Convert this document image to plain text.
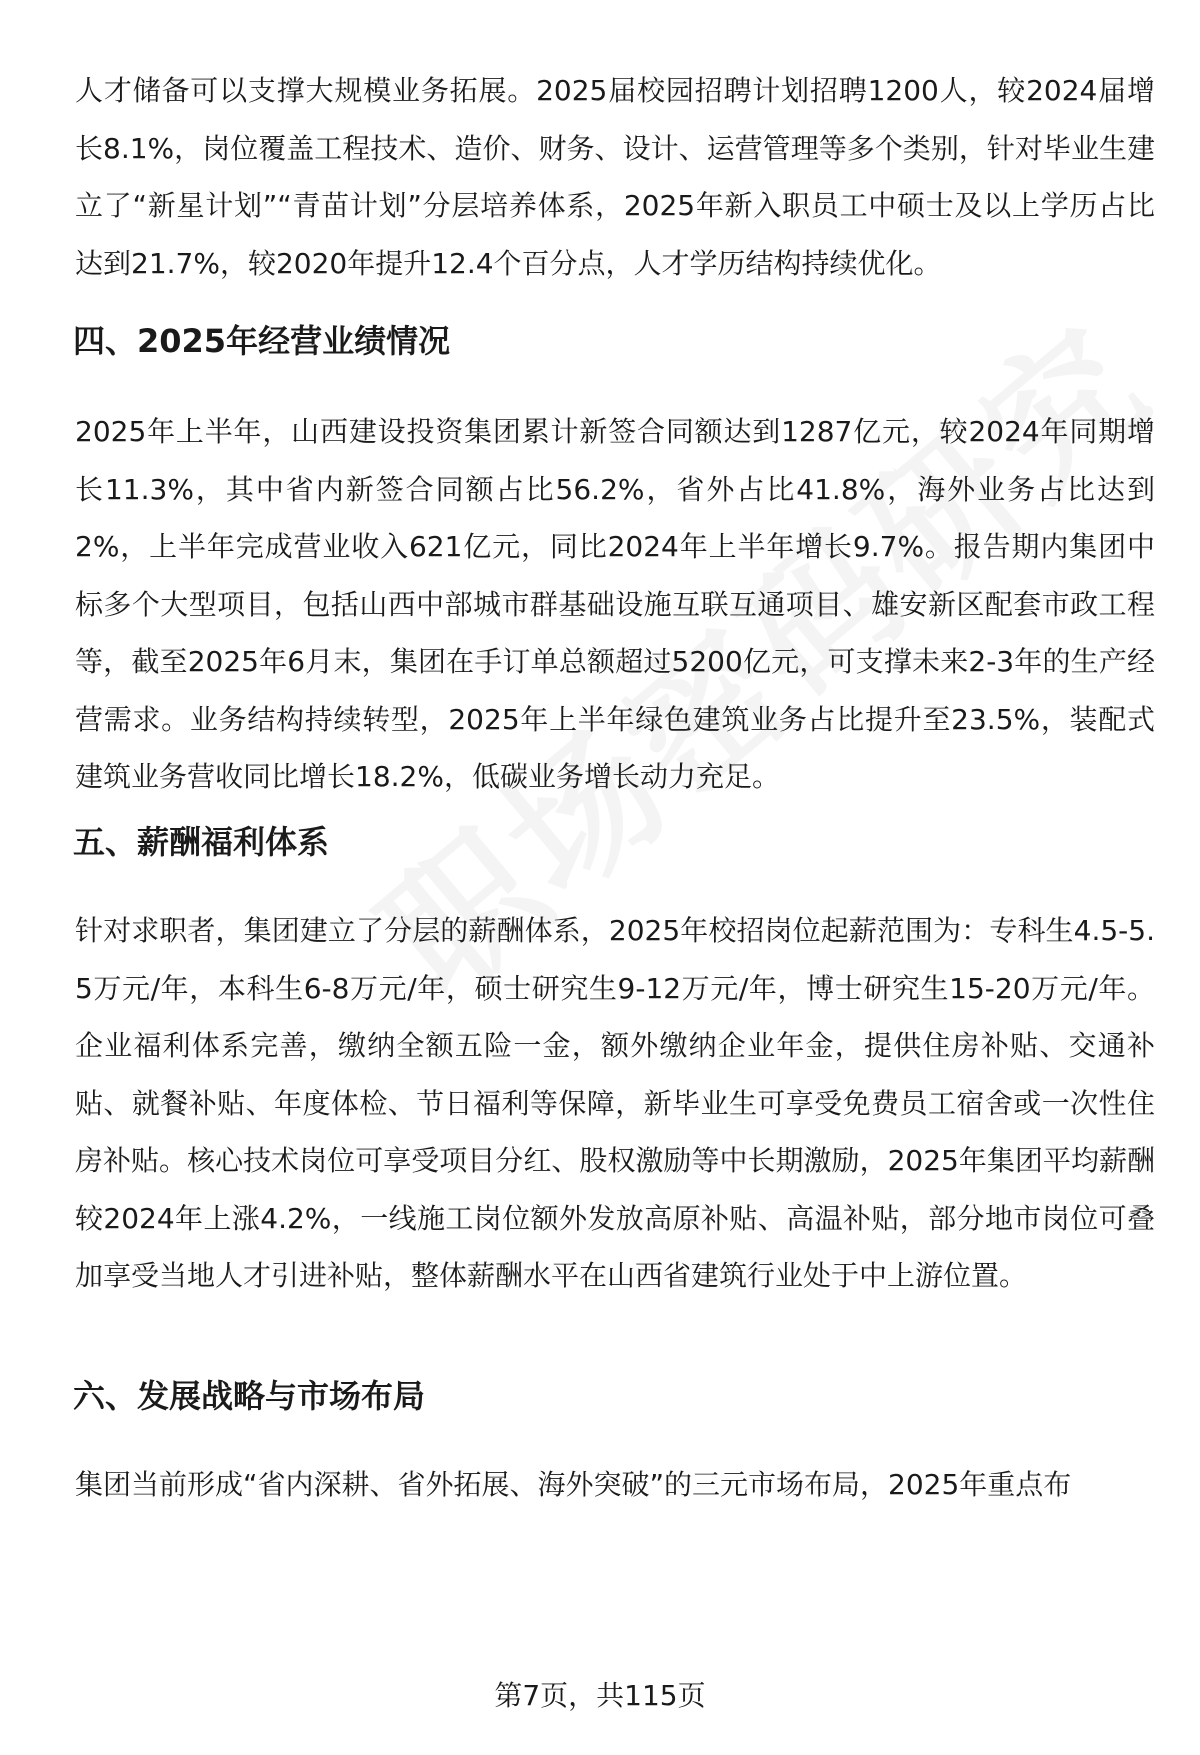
人才储备可以支撑大规模业务拓展。2025届校园招聘计划招聘1200人，较2024届增长8.1%，岗位覆盖工程技术、造价、财务、设计、运营管理等多个类别，针对毕业生建立了“新星计划”“青苗计划”分层培养体系，2025年新入职员工中硕士及以上学历占比达到21.7%，较2020年提升12.4个百分点，人才学历结构持续优化。

四、2025年经营业绩情况

2025年上半年，山西建设投资集团累计新签合同额达到1287亿元，较2024年同期增长11.3%，其中省内新签合同额占比56.2%，省外占比41.8%，海外业务占比达到2%，上半年完成营业收入621亿元，同比2024年上半年增长9.7%。报告期内集团中标多个大型项目，包括山西中部城市群基础设施互联互通项目、雄安新区配套市政工程等，截至2025年6月末，集团在手订单总额超过5200亿元，可支撑未来2-3年的生产经营需求。业务结构持续转型，2025年上半年绿色建筑业务占比提升至23.5%，装配式建筑业务营收同比增长18.2%，低碳业务增长动力充足。

五、薪酬福利体系

针对求职者，集团建立了分层的薪酬体系，2025年校招岗位起薪范围为：专科生4.5-5.5万元/年，本科生6-8万元/年，硕士研究生9-12万元/年，博士研究生15-20万元/年。企业福利体系完善，缴纳全额五险一金，额外缴纳企业年金，提供住房补贴、交通补贴、就餐补贴、年度体检、节日福利等保障，新毕业生可享受免费员工宿舍或一次性住房补贴。核心技术岗位可享受项目分红、股权激励等中长期激励，2025年集团平均薪酬较2024年上涨4.2%，一线施工岗位额外发放高原补贴、高温补贴，部分地市岗位可叠加享受当地人才引进补贴，整体薪酬水平在山西省建筑行业处于中上游位置。

六、发展战略与市场布局

集团当前形成“省内深耕、省外拓展、海外突破”的三元市场布局，2025年重点布

第7页，共115页
